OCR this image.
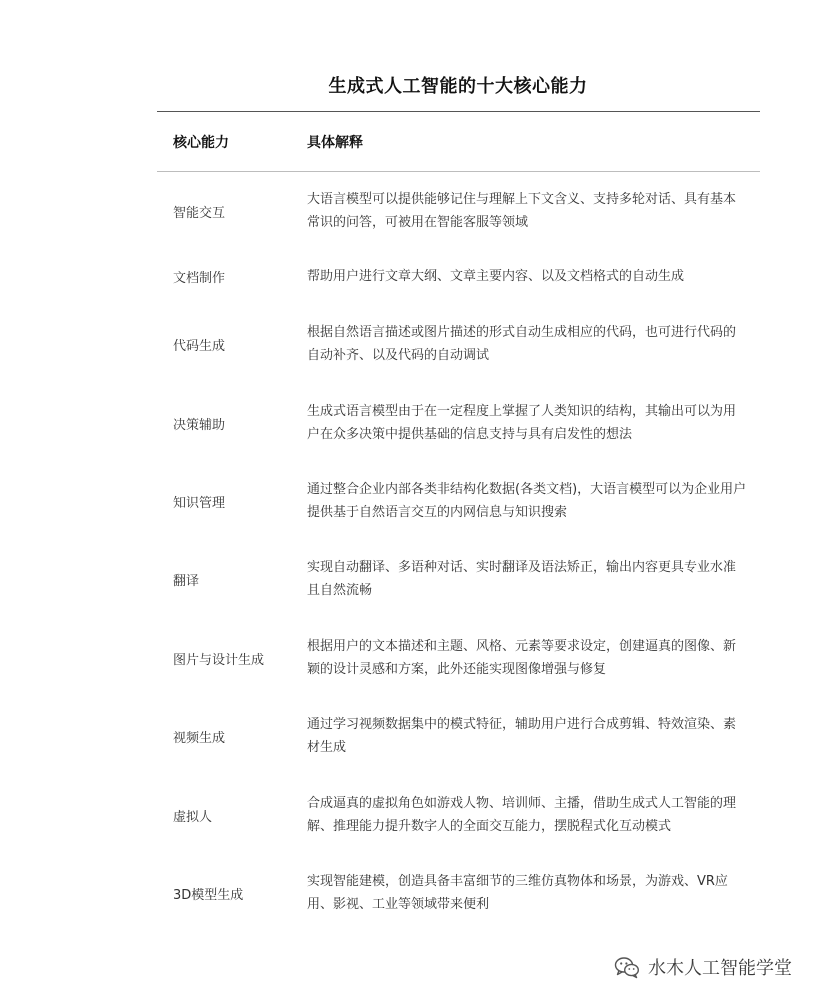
生成式人工智能的十大核心能力
核心能力	具体解释
智能交互
大语言模型可以提供能够记住与理解上下文含义、支持多轮对话、具有基本常识的问答，可被用在智能客服等领域
文档制作	帮助用户进行文章大纲、文章主要内容、以及文档格式的自动生成
代码生成
根据自然语言描述或图片描述的形式自动生成相应的代码，也可进行代码的自动补齐、以及代码的自动调试
决策辅助
生成式语言模型由于在一定程度上掌握了人类知识的结构，其输出可以为用户在众多决策中提供基础的信息支持与具有启发性的想法
知识管理
通过整合企业内部各类非结构化数据(各类文档)，大语言模型可以为企业用户提供基于自然语言交互的内网信息与知识搜索
翻译
实现自动翻译、多语种对话、实时翻译及语法矫正，输出内容更具专业水准且自然流畅
图片与设计生成
根据用户的文本描述和主题、风格、元素等要求设定，创建逼真的图像、新颖的设计灵感和方案，此外还能实现图像增强与修复
视频生成
通过学习视频数据集中的模式特征，辅助用户进行合成剪辑、特效渲染、素材生成
虚拟人
合成逼真的虚拟角色如游戏人物、培训师、主播，借助生成式人工智能的理解、推理能力提升数字人的全面交互能力，摆脱程式化互动模式
3D模型生成
实现智能建模，创造具备丰富细节的三维仿真物体和场景，为游戏、VR应用、影视、工业等领域带来便利
水木人工智能学堂
